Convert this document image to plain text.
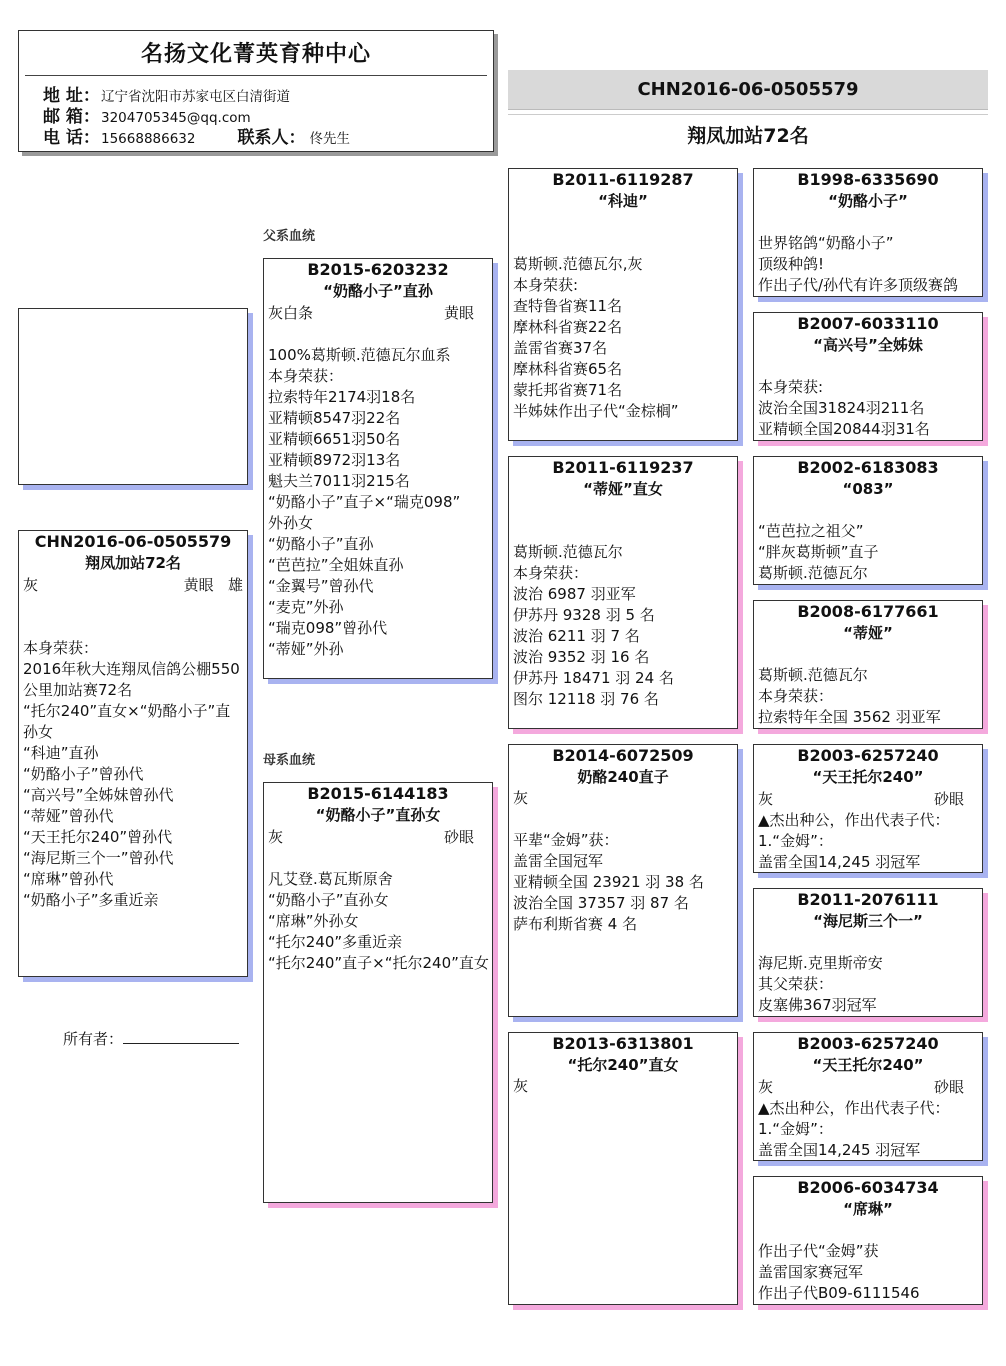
名扬文化菁英育种中心
地 址：辽宁省沈阳市苏家屯区白清街道
邮 箱：3204705345@qq.com
电 话：15668886632 联系人： 佟先生
CHN2016-06-0505579
翔凤加站72名
父系血统
母系血统
CHN2016-06-0505579
翔凤加站72名
灰	黄眼 雄
本身荣获：
2016年秋大连翔凤信鸽公棚550公里加站赛72名
“托尔240”直女×“奶酪小子”直孙女
“科迪”直孙
“奶酪小子”曾孙代
“高兴号”全姊妹曾孙代
“蒂娅”曾孙代
“天王托尔240”曾孙代
“海尼斯三个一”曾孙代
“席琳”曾孙代
“奶酪小子”多重近亲
所有者：
B2015-6203232
“奶酪小子”直孙
灰白条	黄眼
100%葛斯顿.范德瓦尔血系
本身荣获：
拉索特年2174羽18名
亚精顿8547羽22名
亚精顿6651羽50名
亚精顿8972羽13名
魁夫兰7011羽215名
“奶酪小子”直子×“瑞克098”
外孙女
“奶酪小子”直孙
“芭芭拉”全姐妹直孙
“金翼号”曾孙代
“麦克”外孙
“瑞克098”曾孙代
“蒂娅”外孙
B2015-6144183
“奶酪小子”直孙女
灰	砂眼
凡艾登.葛瓦斯原舍
“奶酪小子”直孙女
“席琳”外孙女
“托尔240”多重近亲
“托尔240”直子×“托尔240”直女
B2011-6119287
“科迪”
葛斯顿.范德瓦尔,灰
本身荣获:
查特鲁省赛11名
摩林科省赛22名
盖雷省赛37名
摩林科省赛65名
蒙托邦省赛71名
半姊妹作出子代“金棕榈”
B2011-6119237
“蒂娅”直女
葛斯顿.范德瓦尔
本身荣获：
波治 6987 羽亚军
伊苏丹 9328 羽 5 名
波治 6211 羽 7 名
波治 9352 羽 16 名
伊苏丹 18471 羽 24 名
图尔 12118 羽 76 名
B2014-6072509
奶酪240直子
灰
平辈“金姆”获：
盖雷全国冠军
亚精顿全国 23921 羽 38 名
波治全国 37357 羽 87 名
萨布利斯省赛 4 名
B2013-6313801
“托尔240”直女
灰
B1998-6335690
“奶酪小子”
世界铭鸽“奶酪小子”
顶级种鸽!
作出子代/孙代有许多顶级赛鸽
B2007-6033110
“高兴号”全姊妹
本身荣获:
波治全国31824羽211名
亚精顿全国20844羽31名
B2002-6183083
“083”
“芭芭拉之祖父”
“胖灰葛斯顿”直子
葛斯顿.范德瓦尔
B2008-6177661
“蒂娅”
葛斯顿.范德瓦尔
本身荣获：
拉索特年全国 3562 羽亚军
B2003-6257240
“天王托尔240”
灰	砂眼
▲杰出种公，作出代表子代：
1.“金姆”：
盖雷全国14,245 羽冠军
B2011-2076111
“海尼斯三个一”
海尼斯.克里斯帝安
其父荣获：
皮塞佛367羽冠军
B2003-6257240
“天王托尔240”
灰	砂眼
▲杰出种公，作出代表子代：
1.“金姆”：
盖雷全国14,245 羽冠军
B2006-6034734
“席琳”
作出子代“金姆”获
盖雷国家赛冠军
作出子代B09-6111546
